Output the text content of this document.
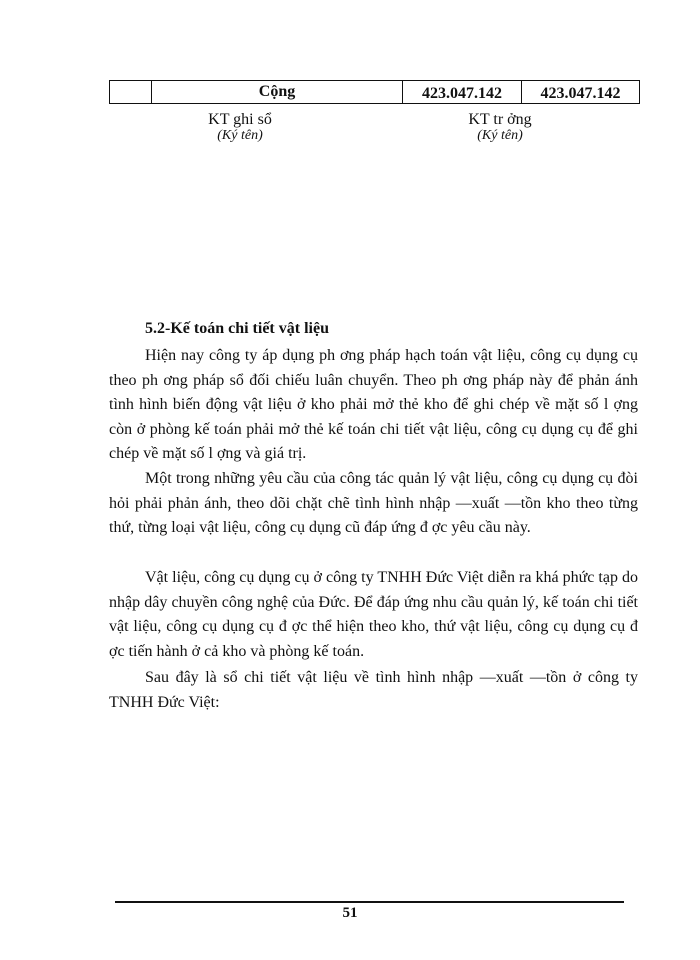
	Cộng	423.047.142	423.047.142
KT ghi sổ
(Ký tên)
KT tr ởng
(Ký tên)
5.2-Kế toán chi tiết vật liệu

Hiện nay công ty áp dụng ph ơng pháp hạch toán vật liệu, công cụ dụng cụ theo ph ơng pháp sổ đối chiếu luân chuyển. Theo ph ơng pháp này để phản ánh tình hình biến động vật liệu ở kho phải mở thẻ kho để ghi chép về mặt số l ợng còn ở phòng kế toán phải mở thẻ kế toán chi tiết vật liệu, công cụ dụng cụ để ghi chép về mặt số l ợng và giá trị.

Một trong những yêu cầu của công tác quản lý vật liệu, công cụ dụng cụ đòi hỏi phải phản ánh, theo dõi chặt chẽ tình hình nhập —xuất —tồn kho theo từng thứ, từng loại vật liệu, công cụ dụng cũ đáp ứng đ ợc yêu cầu này.

Vật liệu, công cụ dụng cụ ở công ty TNHH Đức Việt diễn ra khá phức tạp do nhập dây chuyền công nghệ của Đức. Để đáp ứng nhu cầu quản lý, kế toán chi tiết vật liệu, công cụ dụng cụ đ ợc thể hiện theo kho, thứ vật liệu, công cụ dụng cụ đ ợc tiến hành ở cả kho và phòng kế toán.

Sau đây là sổ chi tiết vật liệu về tình hình nhập —xuất —tồn ở công ty TNHH Đức Việt:

51
